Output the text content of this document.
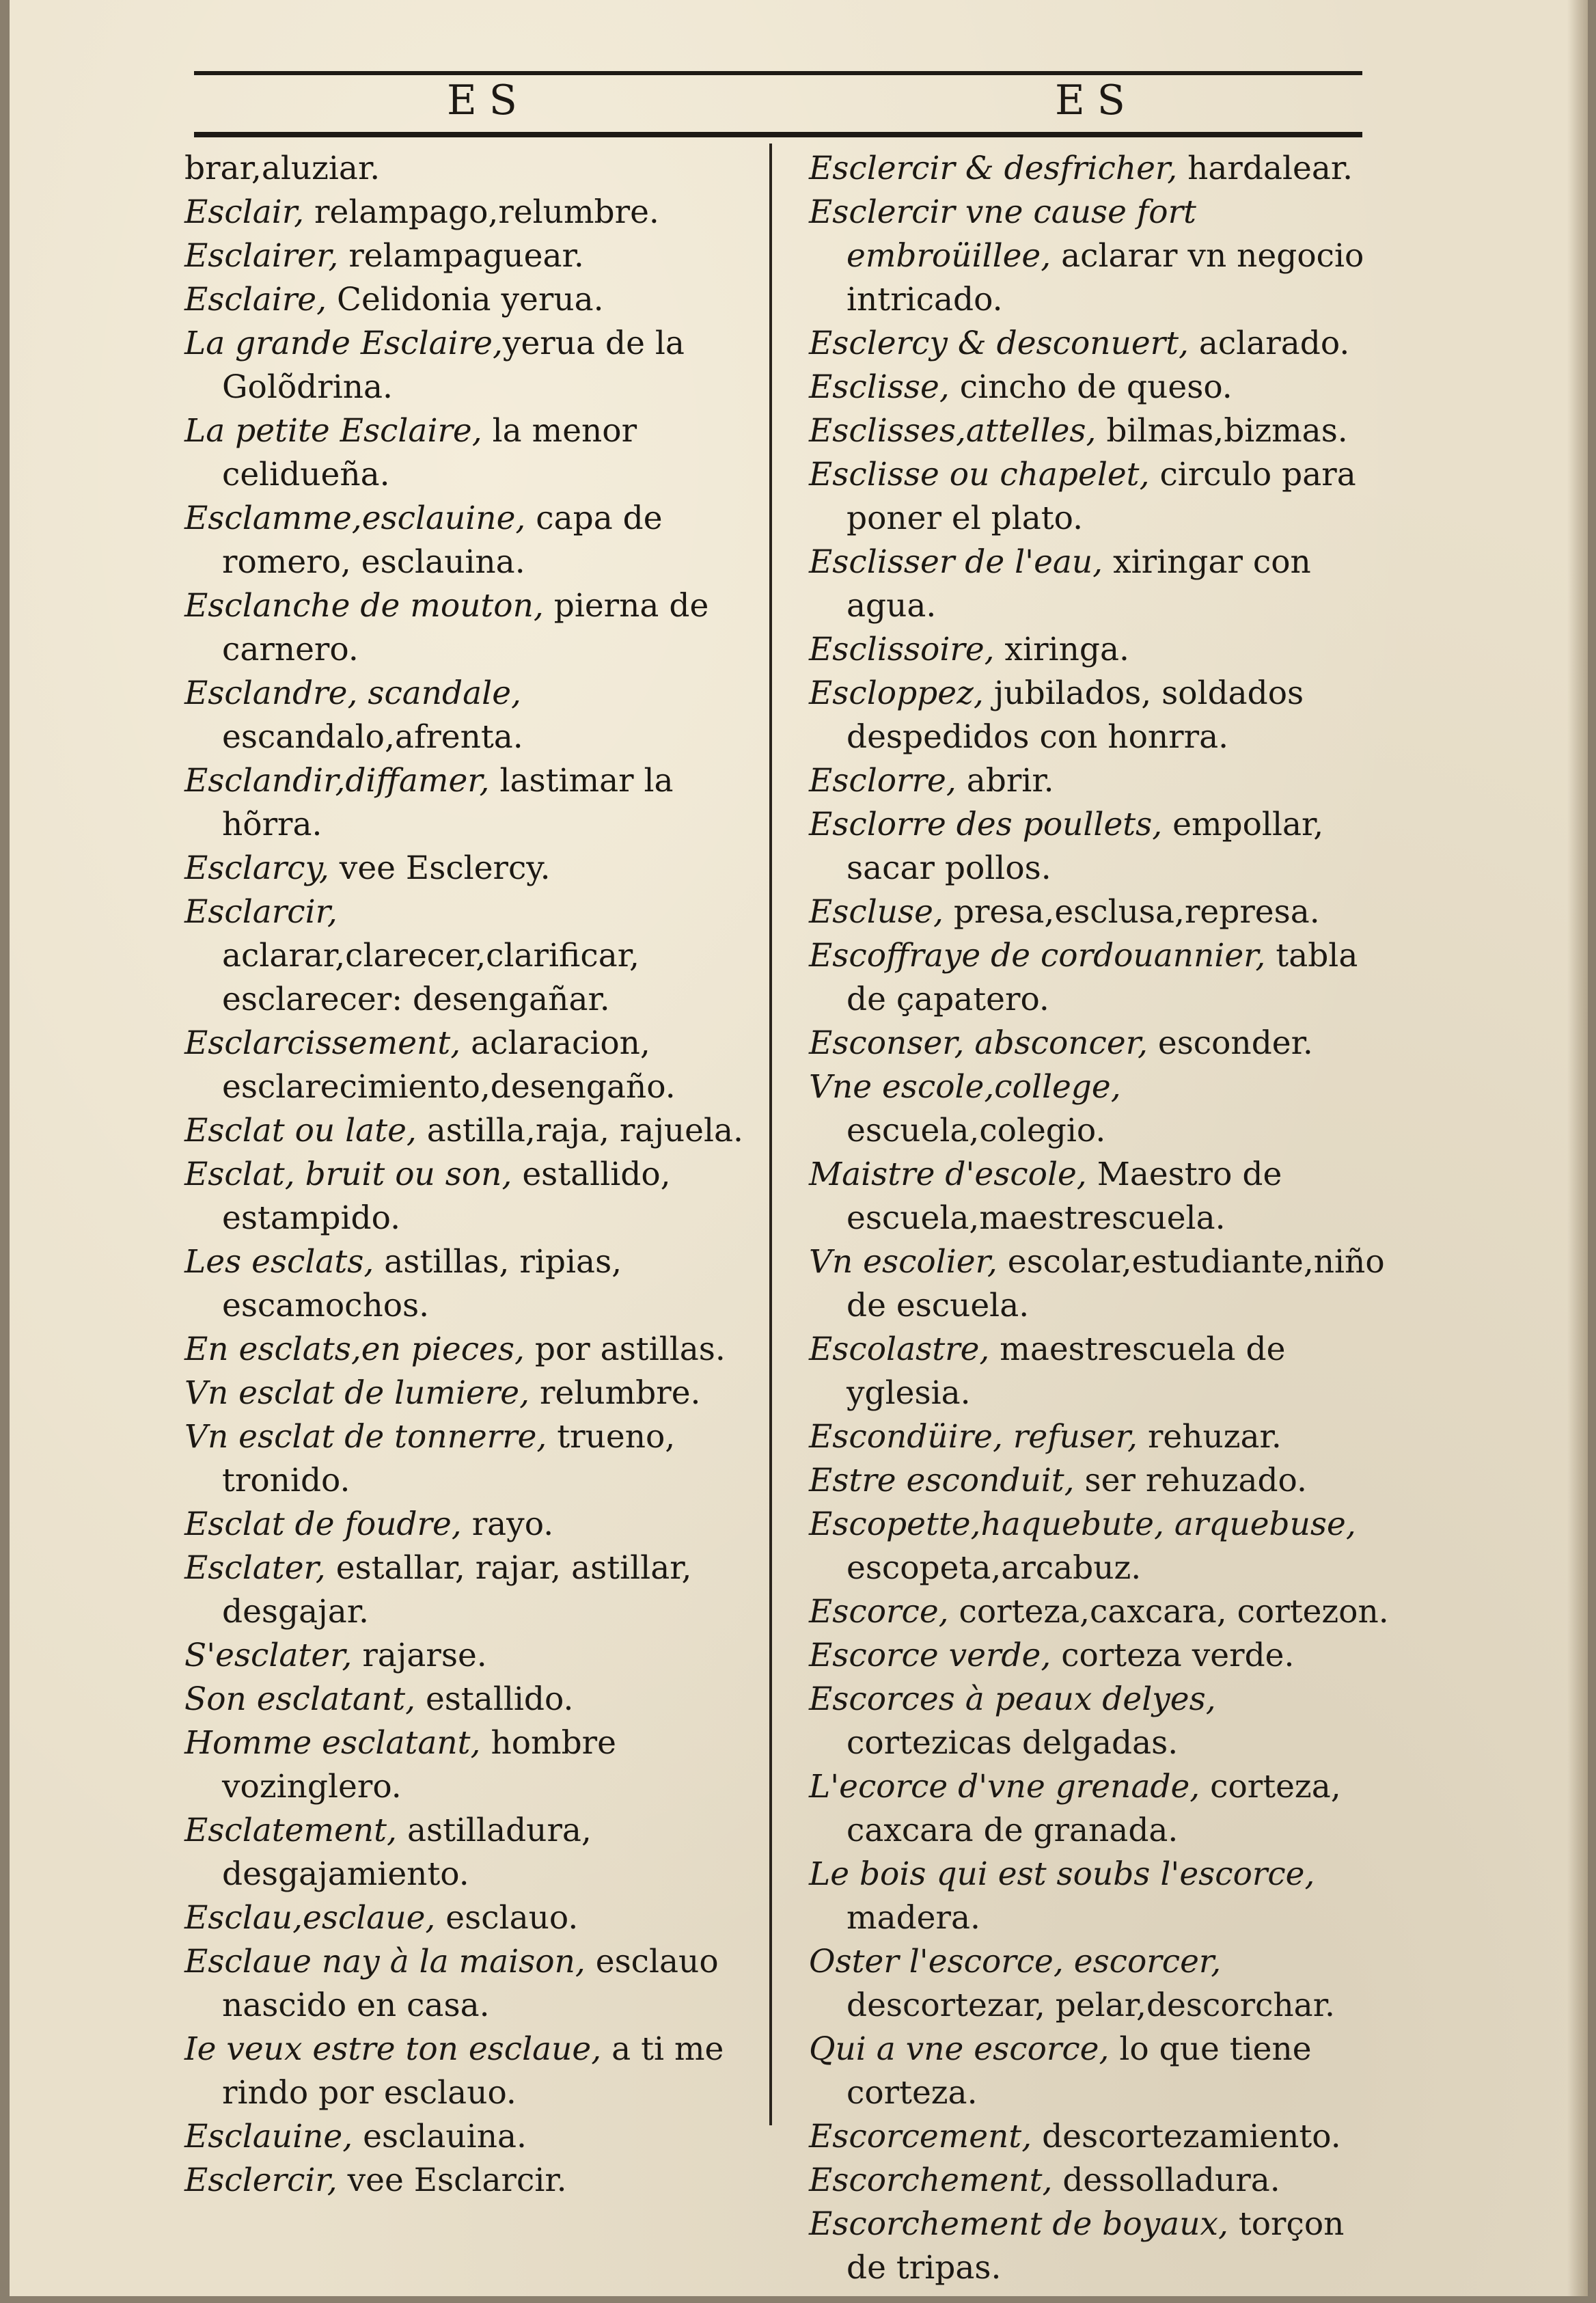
ES	ES

brar,aluziar.

Esclair, relampago,relumbre.

Esclairer, relampaguear.

Esclaire, Celidonia yerua.

La grande Esclaire,yerua de la Golõdrina.

La petite Esclaire, la menor celidueña.

Esclamme,esclauine, capa de romero, esclauina.

Esclanche de mouton, pierna de carnero.

Esclandre, scandale, escandalo,afrenta.

Esclandir,diffamer, lastimar la hõrra.

Esclarcy, vee Esclercy.

Esclarcir, aclarar,clarecer,clarificar, esclarecer: desengañar.

Esclarcissement, aclaracion, esclarecimiento,desengaño.

Esclat ou late, astilla,raja, rajuela.

Esclat, bruit ou son, estallido, estampido.

Les esclats, astillas, ripias, escamochos.

En esclats,en pieces, por astillas.

Vn esclat de lumiere, relumbre.

Vn esclat de tonnerre, trueno, tronido.

Esclat de foudre, rayo.

Esclater, estallar, rajar, astillar, desgajar.

S'esclater, rajarse.

Son esclatant, estallido.

Homme esclatant, hombre vozinglero.

Esclatement, astilladura, desgajamiento.

Esclau,esclaue, esclauo.

Esclaue nay à la maison, esclauo nascido en casa.

Ie veux estre ton esclaue, a ti me rindo por esclauo.

Esclauine, esclauina.

Esclercir, vee Esclarcir.

Esclercir & desfricher, hardalear.

Esclercir vne cause fort embroüillee, aclarar vn negocio intricado.

Esclercy & desconuert, aclarado.

Esclisse, cincho de queso.

Esclisses,attelles, bilmas,bizmas.

Esclisse ou chapelet, circulo para poner el plato.

Esclisser de l'eau, xiringar con agua.

Esclissoire, xiringa.

Escloppez, jubilados, soldados despedidos con honrra.

Esclorre, abrir.

Esclorre des poullets, empollar, sacar pollos.

Escluse, presa,esclusa,represa.

Escoffraye de cordouannier, tabla de çapatero.

Esconser, absconcer, esconder.

Vne escole,college, escuela,colegio.

Maistre d'escole, Maestro de escuela,maestrescuela.

Vn escolier, escolar,estudiante,niño de escuela.

Escolastre, maestrescuela de yglesia.

Escondüire, refuser, rehuzar.

Estre esconduit, ser rehuzado.

Escopette,haquebute, arquebuse, escopeta,arcabuz.

Escorce, corteza,caxcara, cortezon.

Escorce verde, corteza verde.

Escorces à peaux delyes, cortezicas delgadas.

L'ecorce d'vne grenade, corteza, caxcara de granada.

Le bois qui est soubs l'escorce, madera.

Oster l'escorce, escorcer, descortezar, pelar,descorchar.

Qui a vne escorce, lo que tiene corteza.

Escorcement, descortezamiento.

Escorchement, dessolladura.

Escorchement de boyaux, torçon de tripas.
